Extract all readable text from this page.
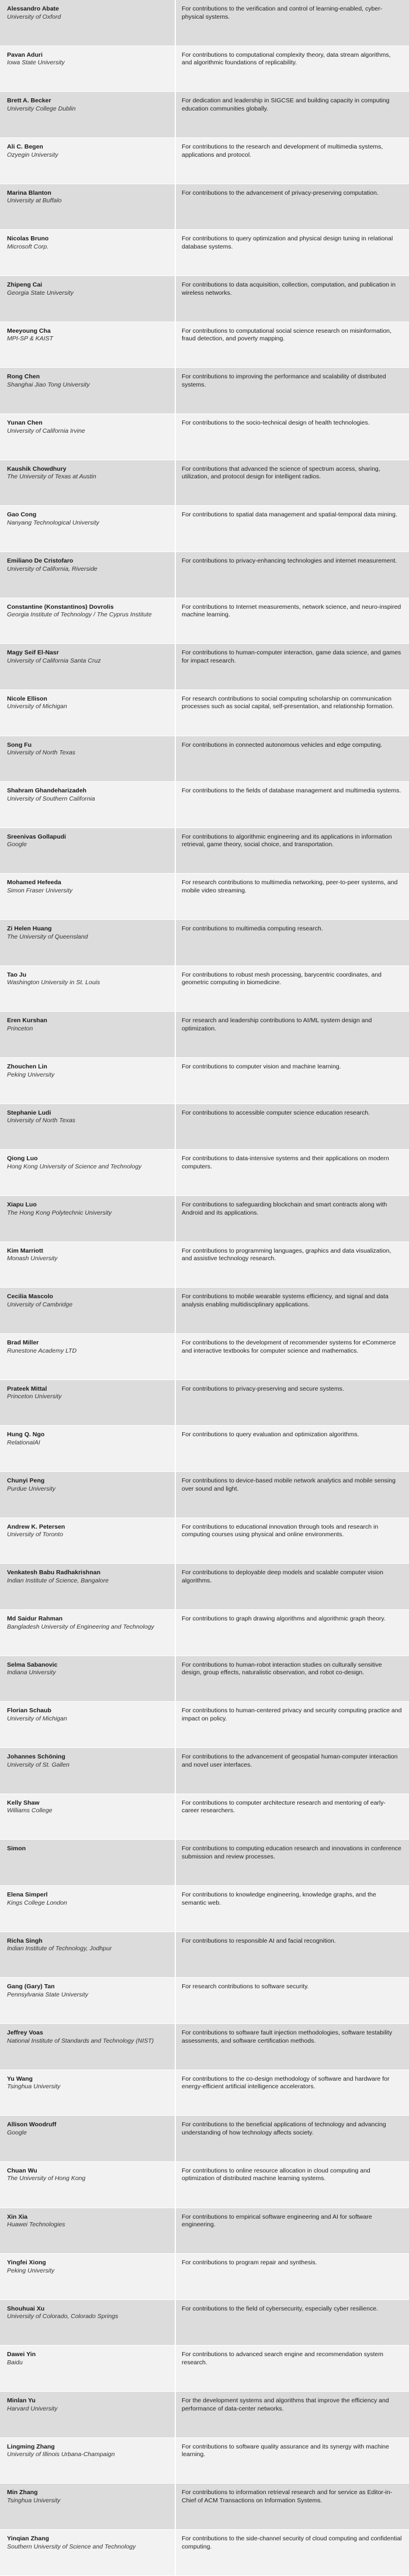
Alessandro Abate
University of Oxford
For contributions to the verification and control of learning-enabled, cyber-physical systems.
Pavan Aduri
Iowa State University
For contributions to computational complexity theory, data stream algorithms, and algorithmic foundations of replicability.
Brett A. Becker
University College Dublin
For dedication and leadership in SIGCSE and building capacity in computing education communities globally.
Ali C. Begen
Ozyegin University
For contributions to the research and development of multimedia systems, applications and protocol.
Marina Blanton
University at Buffalo
For contributions to the advancement of privacy-preserving computation.
Nicolas Bruno
Microsoft Corp.
For contributions to query optimization and physical design tuning in relational database systems.
Zhipeng Cai
Georgia State University
For contributions to data acquisition, collection, computation, and publication in wireless networks.
Meeyoung Cha
MPI-SP & KAIST
For contributions to computational social science research on misinformation, fraud detection, and poverty mapping.
Rong Chen
Shanghai Jiao Tong University
For contributions to improving the performance and scalability of distributed systems.
Yunan Chen
University of California Irvine
For contributions to the socio-technical design of health technologies.
Kaushik Chowdhury
The University of Texas at Austin
For contributions that advanced the science of spectrum access, sharing, utilization, and protocol design for intelligent radios.
Gao Cong
Nanyang Technological University
For contributions to spatial data management and spatial-temporal data mining.
Emiliano De Cristofaro
University of California, Riverside
For contributions to privacy-enhancing technologies and internet measurement.
Constantine (Konstantinos) Dovrolis
Georgia Institute of Technology / The Cyprus Institute
For contributions to Internet measurements, network science, and neuro-inspired machine learning.
Magy Seif El-Nasr
University of California Santa Cruz
For contributions to human-computer interaction, game data science, and games for impact research.
Nicole Ellison
University of Michigan
For research contributions to social computing scholarship on communication processes such as social capital, self-presentation, and relationship formation.
Song Fu
University of North Texas
For contributions in connected autonomous vehicles and edge computing.
Shahram Ghandeharizadeh
University of Southern California
For contributions to the fields of database management and multimedia systems.
Sreenivas Gollapudi
Google
For contributions to algorithmic engineering and its applications in information retrieval, game theory, social choice, and transportation.
Mohamed Hefeeda
Simon Fraser University
For research contributions to multimedia networking, peer-to-peer systems, and mobile video streaming.
Zi Helen Huang
The University of Queensland
For contributions to multimedia computing research.
Tao Ju
Washington University in St. Louis
For contributions to robust mesh processing, barycentric coordinates, and geometric computing in biomedicine.
Eren Kurshan
Princeton
For research and leadership contributions to AI/ML system design and optimization.
Zhouchen Lin
Peking University
For contributions to computer vision and machine learning.
Stephanie Ludi
University of North Texas
For contributions to accessible computer science education research.
Qiong Luo
Hong Kong University of Science and Technology
For contributions to data-intensive systems and their applications on modern computers.
Xiapu Luo
The Hong Kong Polytechnic University
For contributions to safeguarding blockchain and smart contracts along with Android and its applications.
Kim Marriott
Monash University
For contributions to programming languages, graphics and data visualization, and assistive technology research.
Cecilia Mascolo
University of Cambridge
For contributions to mobile wearable systems efficiency, and signal and data analysis enabling multidisciplinary applications.
Brad Miller
Runestone Academy LTD
For contributions to the development of recommender systems for eCommerce and interactive textbooks for computer science and mathematics.
Prateek Mittal
Princeton University
For contributions to privacy-preserving and secure systems.
Hung Q. Ngo
RelationalAI
For contributions to query evaluation and optimization algorithms.
Chunyi Peng
Purdue University
For contributions to device-based mobile network analytics and mobile sensing over sound and light.
Andrew K. Petersen
University of Toronto
For contributions to educational innovation through tools and research in computing courses using physical and online environments.
Venkatesh Babu Radhakrishnan
Indian Institute of Science, Bangalore
For contributions to deployable deep models and scalable computer vision algorithms.
Md Saidur Rahman
Bangladesh University of Engineering and Technology
For contributions to graph drawing algorithms and algorithmic graph theory.
Selma Sabanovic
Indiana University
For contributions to human-robot interaction studies on culturally sensitive design, group effects, naturalistic observation, and robot co-design.
Florian Schaub
University of Michigan
For contributions to human-centered privacy and security computing practice and impact on policy.
Johannes Schöning
University of St. Gallen
For contributions to the advancement of geospatial human-computer interaction and novel user interfaces.
Kelly Shaw
Williams College
For contributions to computer architecture research and mentoring of early-career researchers.
Simon	For contributions to computing education research and innovations in conference submission and review processes.
Elena Simperl
Kings College London
For contributions to knowledge engineering, knowledge graphs, and the semantic web.
Richa Singh
Indian Institute of Technology, Jodhpur
For contributions to responsible AI and facial recognition.
Gang (Gary) Tan
Pennsylvania State University
For research contributions to software security.
Jeffrey Voas
National Institute of Standards and Technology (NIST)
For contributions to software fault injection methodologies, software testability assessments, and software certification methods.
Yu Wang
Tsinghua University
For contributions to the co-design methodology of software and hardware for energy-efficient artificial intelligence accelerators.
Allison Woodruff
Google
For contributions to the beneficial applications of technology and advancing understanding of how technology affects society.
Chuan Wu
The University of Hong Kong
For contributions to online resource allocation in cloud computing and optimization of distributed machine learning systems.
Xin Xia
Huawei Technologies
For contributions to empirical software engineering and AI for software engineering.
Yingfei Xiong
Peking University
For contributions to program repair and synthesis.
Shouhuai Xu
University of Colorado, Colorado Springs
For contributions to the field of cybersecurity, especially cyber resilience.
Dawei Yin
Baidu
For contributions to advanced search engine and recommendation system research.
Minlan Yu
Harvard University
For the development systems and algorithms that improve the efficiency and performance of data-center networks.
Lingming Zhang
University of Illinois Urbana-Champaign
For contributions to software quality assurance and its synergy with machine learning.
Min Zhang
Tsinghua University
For contributions to information retrieval research and for service as Editor-in-Chief of ACM Transactions on Information Systems.
Yinqian Zhang
Southern University of Science and Technology
For contributions to the side-channel security of cloud computing and confidential computing.
